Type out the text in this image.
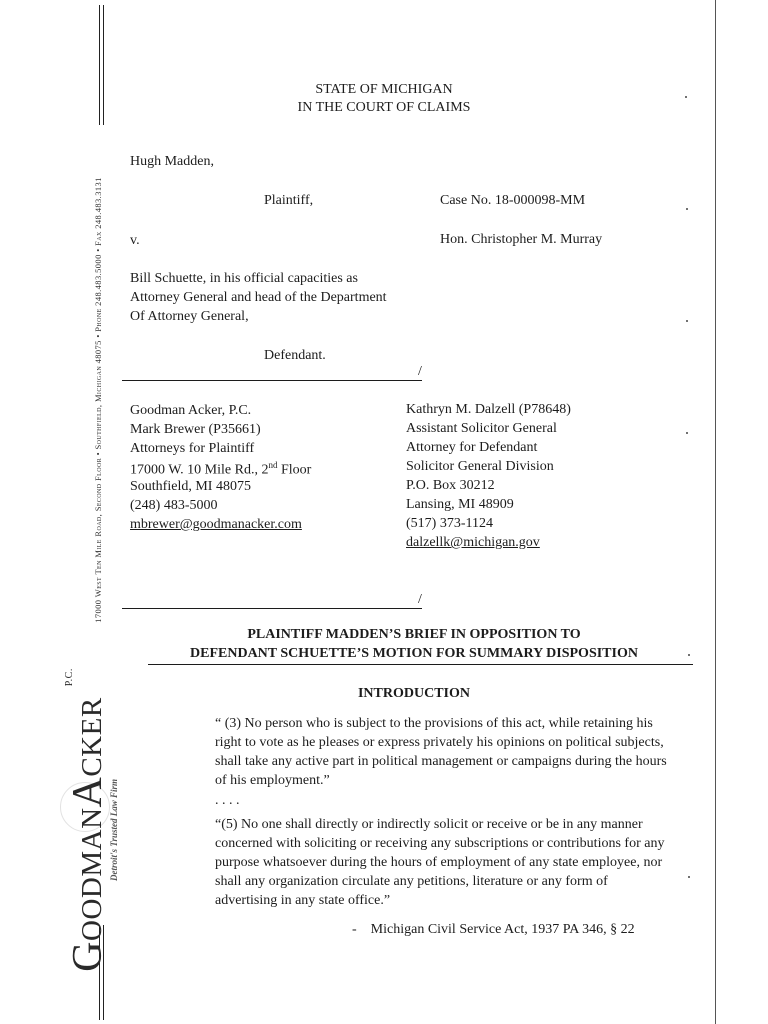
17000 West Ten Mile Road, Second Floor • Southfield, Michigan 48075 • Phone 248.483.5000 • Fax 248.483.3131
GoodmanAcker $^{P.C.}$
Detroit's Trusted Law Firm
STATE OF MICHIGAN
IN THE COURT OF CLAIMS
Hugh Madden,
Plaintiff,	Case No. 18-000098-MM
v.	Hon. Christopher M. Murray
Bill Schuette, in his official capacities as
Attorney General and head of the Department
Of Attorney General,
Defendant.
/
Goodman Acker, P.C.
Mark Brewer (P35661)
Attorneys for Plaintiff
17000 W. 10 Mile Rd., 2nd Floor
Southfield, MI 48075
(248) 483-5000
mbrewer@goodmanacker.com
Kathryn M. Dalzell (P78648)
Assistant Solicitor General
Attorney for Defendant
Solicitor General Division
P.O. Box 30212
Lansing, MI 48909
(517) 373-1124
dalzellk@michigan.gov
/
PLAINTIFF MADDEN’S BRIEF IN OPPOSITION TO
DEFENDANT SCHUETTE’S MOTION FOR SUMMARY DISPOSITION
INTRODUCTION

“ (3) No person who is subject to the provisions of this act, while retaining his

right to vote as he pleases or express privately his opinions on political subjects,

shall take any active part in political management or campaigns during the hours

of his employment.”

. . . .

“(5) No one shall directly or indirectly solicit or receive or be in any manner

concerned with soliciting or receiving any subscriptions or contributions for any

purpose whatsoever during the hours of employment of any state employee, nor

shall any organization circulate any petitions, literature or any form of

advertising in any state office.”

-    Michigan Civil Service Act, 1937 PA 346, § 22
